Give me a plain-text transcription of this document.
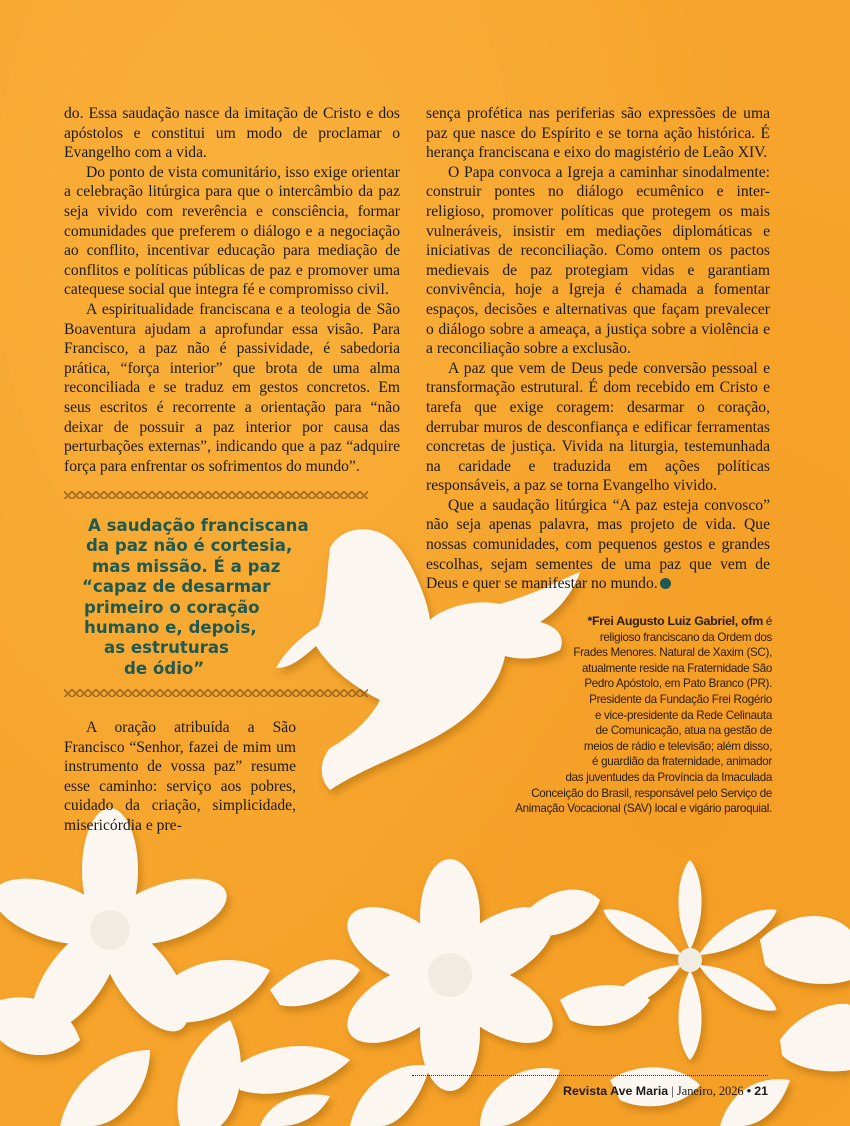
do. Essa saudação nasce da imitação de Cristo e dos apóstolos e constitui um modo de proclamar o Evangelho com a vida.

Do ponto de vista comunitário, isso exige orientar a celebração litúrgica para que o intercâmbio da paz seja vivido com reverência e consciência, formar comunidades que preferem o diálogo e a negociação ao conflito, incentivar educação para mediação de conflitos e políticas públicas de paz e promover uma catequese social que integra fé e compromisso civil.

A espiritualidade franciscana e a teologia de São Boaventura ajudam a aprofundar essa visão. Para Francisco, a paz não é passividade, é sabedoria prática, “força interior” que brota de uma alma reconciliada e se traduz em gestos concretos. Em seus escritos é recorrente a orientação para “não deixar de possuir a paz interior por causa das perturbações externas”, indicando que a paz “adquire força para enfrentar os sofrimentos do mundo”.

A saudação franciscana
da paz não é cortesia,
mas missão. É a paz
“capaz de desarmar
primeiro o coração
humano e, depois,
as estruturas
de ódio”

A oração atribuída a São Francisco “Senhor, fazei de mim um instrumento de vossa paz” resume esse caminho: serviço aos pobres, cuidado da criação, simplicidade, misericórdia e pre-

sença profética nas periferias são expressões de uma paz que nasce do Espírito e se torna ação histórica. É herança franciscana e eixo do magistério de Leão XIV.

O Papa convoca a Igreja a caminhar sinodalmente: construir pontes no diálogo ecumênico e inter-religioso, promover políticas que protegem os mais vulneráveis, insistir em mediações diplomáticas e iniciativas de reconciliação. Como ontem os pactos medievais de paz protegiam vidas e garantiam convivência, hoje a Igreja é chamada a fomentar espaços, decisões e alternativas que façam prevalecer o diálogo sobre a ameaça, a justiça sobre a violência e a reconciliação sobre a exclusão.

A paz que vem de Deus pede conversão pessoal e transformação estrutural. É dom recebido em Cristo e tarefa que exige coragem: desarmar o coração, derrubar muros de desconfiança e edificar ferramentas concretas de justiça. Vivida na liturgia, testemunhada na caridade e traduzida em ações políticas responsáveis, a paz se torna Evangelho vivido.

Que a saudação litúrgica “A paz esteja convosco” não seja apenas palavra, mas projeto de vida. Que nossas comunidades, com pequenos gestos e grandes escolhas, sejam sementes de uma paz que vem de Deus e quer se manifestar no mundo.

*Frei Augusto Luiz Gabriel, ofm é
religioso franciscano da Ordem dos
Frades Menores. Natural de Xaxim (SC),
atualmente reside na Fraternidade São
Pedro Apóstolo, em Pato Branco (PR).
Presidente da Fundação Frei Rogério
e vice-presidente da Rede Celinauta
de Comunicação, atua na gestão de
meios de rádio e televisão; além disso,
é guardião da fraternidade, animador
das juventudes da Província da Imaculada
Conceição do Brasil, responsável pelo Serviço de
Animação Vocacional (SAV) local e vigário paroquial.
Revista Ave Maria | Janeiro, 2026 • 21
